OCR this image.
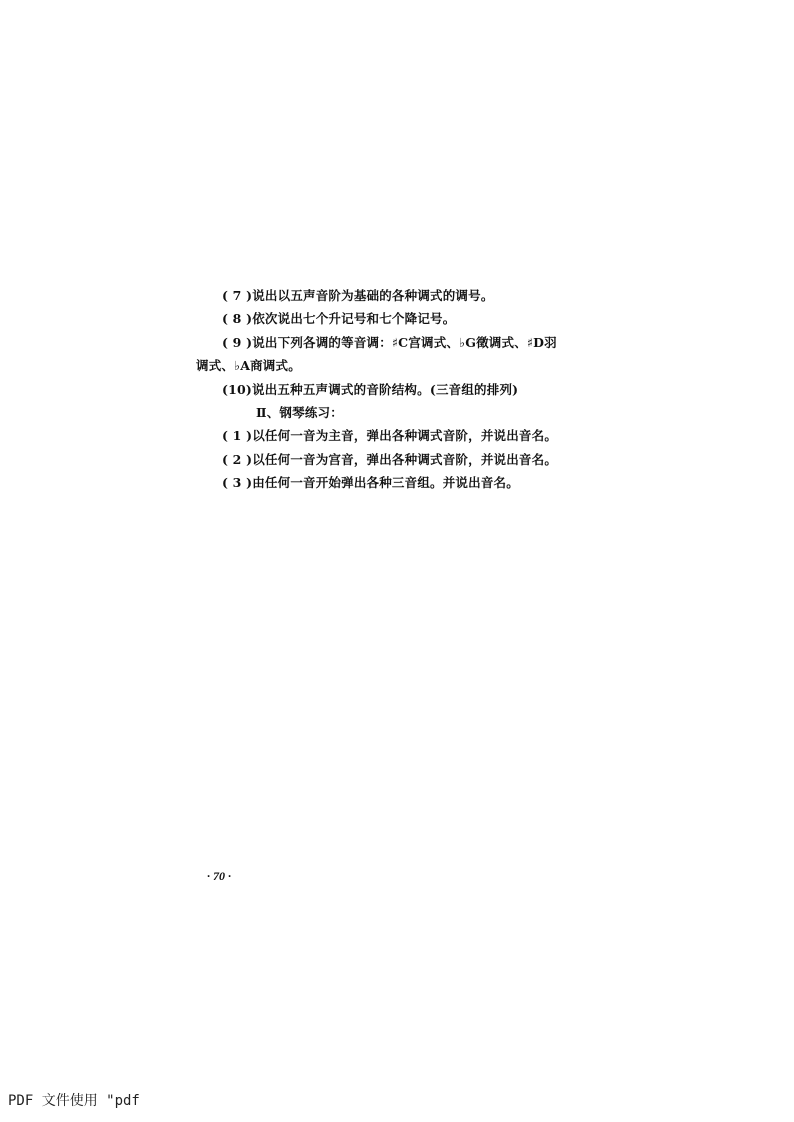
( 7 )说出以五声音阶为基础的各种调式的调号。
( 8 )依次说出七个升记号和七个降记号。
( 9 )说出下列各调的等音调：♯C宫调式、♭G徵调式、♯D羽
调式、♭A商调式。
(10)说出五种五声调式的音阶结构。(三音组的排列)
Ⅱ、钢琴练习：
( 1 )以任何一音为主音，弹出各种调式音阶，并说出音名。
( 2 )以任何一音为宫音，弹出各种调式音阶，并说出音名。
( 3 )由任何一音开始弹出各种三音组。并说出音名。
· 70 ·
PDF 文件使用 "pdf
